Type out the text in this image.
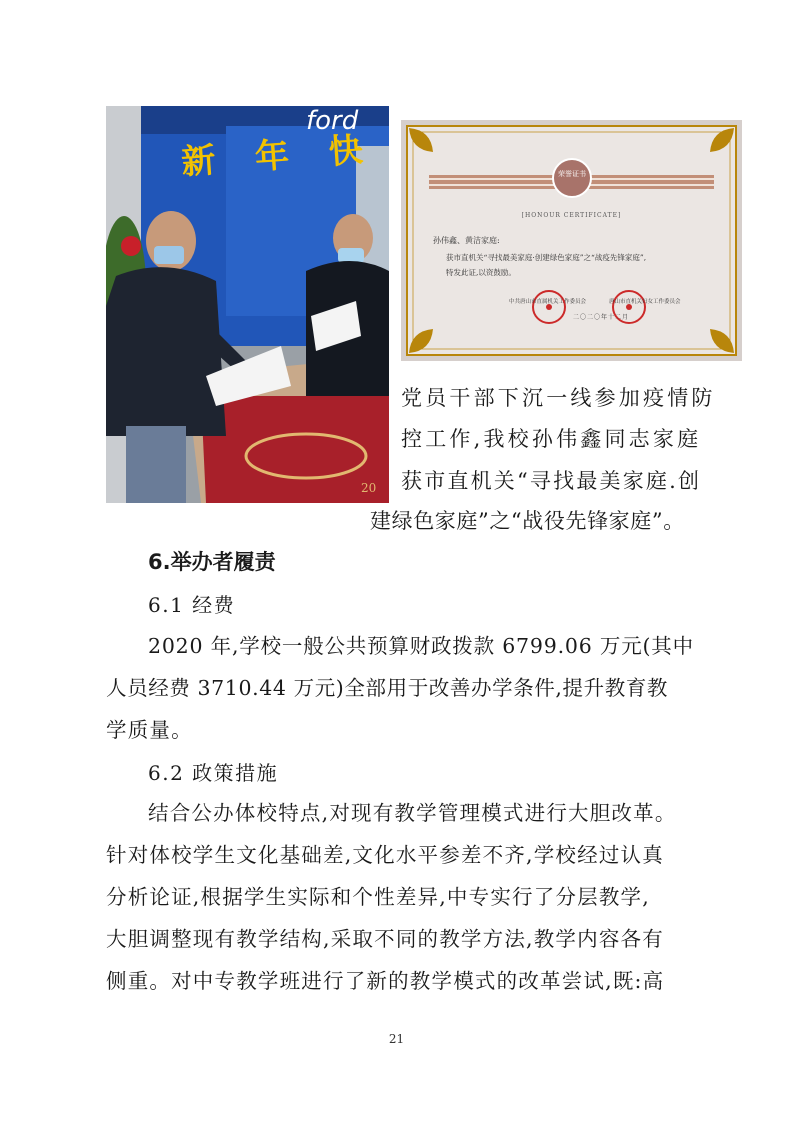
新 年 快
ford
20
荣誉证书
[HONOUR CERTIFICATE]
孙伟鑫、黄洁家庭:
获市直机关“寻找最美家庭·创建绿色家庭”之“战疫先锋家庭”,
特发此证,以资鼓励。
中共唐山市直属机关工作委员会	唐山市直机关妇女工作委员会
二〇二〇年十二月
党员干部下沉一线参加疫情防
控工作,我校孙伟鑫同志家庭
获市直机关“寻找最美家庭.创
建绿色家庭”之“战役先锋家庭”。
6.举办者履责
6.1 经费
2020 年,学校一般公共预算财政拨款 6799.06 万元(其中
人员经费 3710.44 万元)全部用于改善办学条件,提升教育教
学质量。
6.2 政策措施
结合公办体校特点,对现有教学管理模式进行大胆改革。
针对体校学生文化基础差,文化水平参差不齐,学校经过认真
分析论证,根据学生实际和个性差异,中专实行了分层教学,
大胆调整现有教学结构,采取不同的教学方法,教学内容各有
侧重。对中专教学班进行了新的教学模式的改革尝试,既:高
21
